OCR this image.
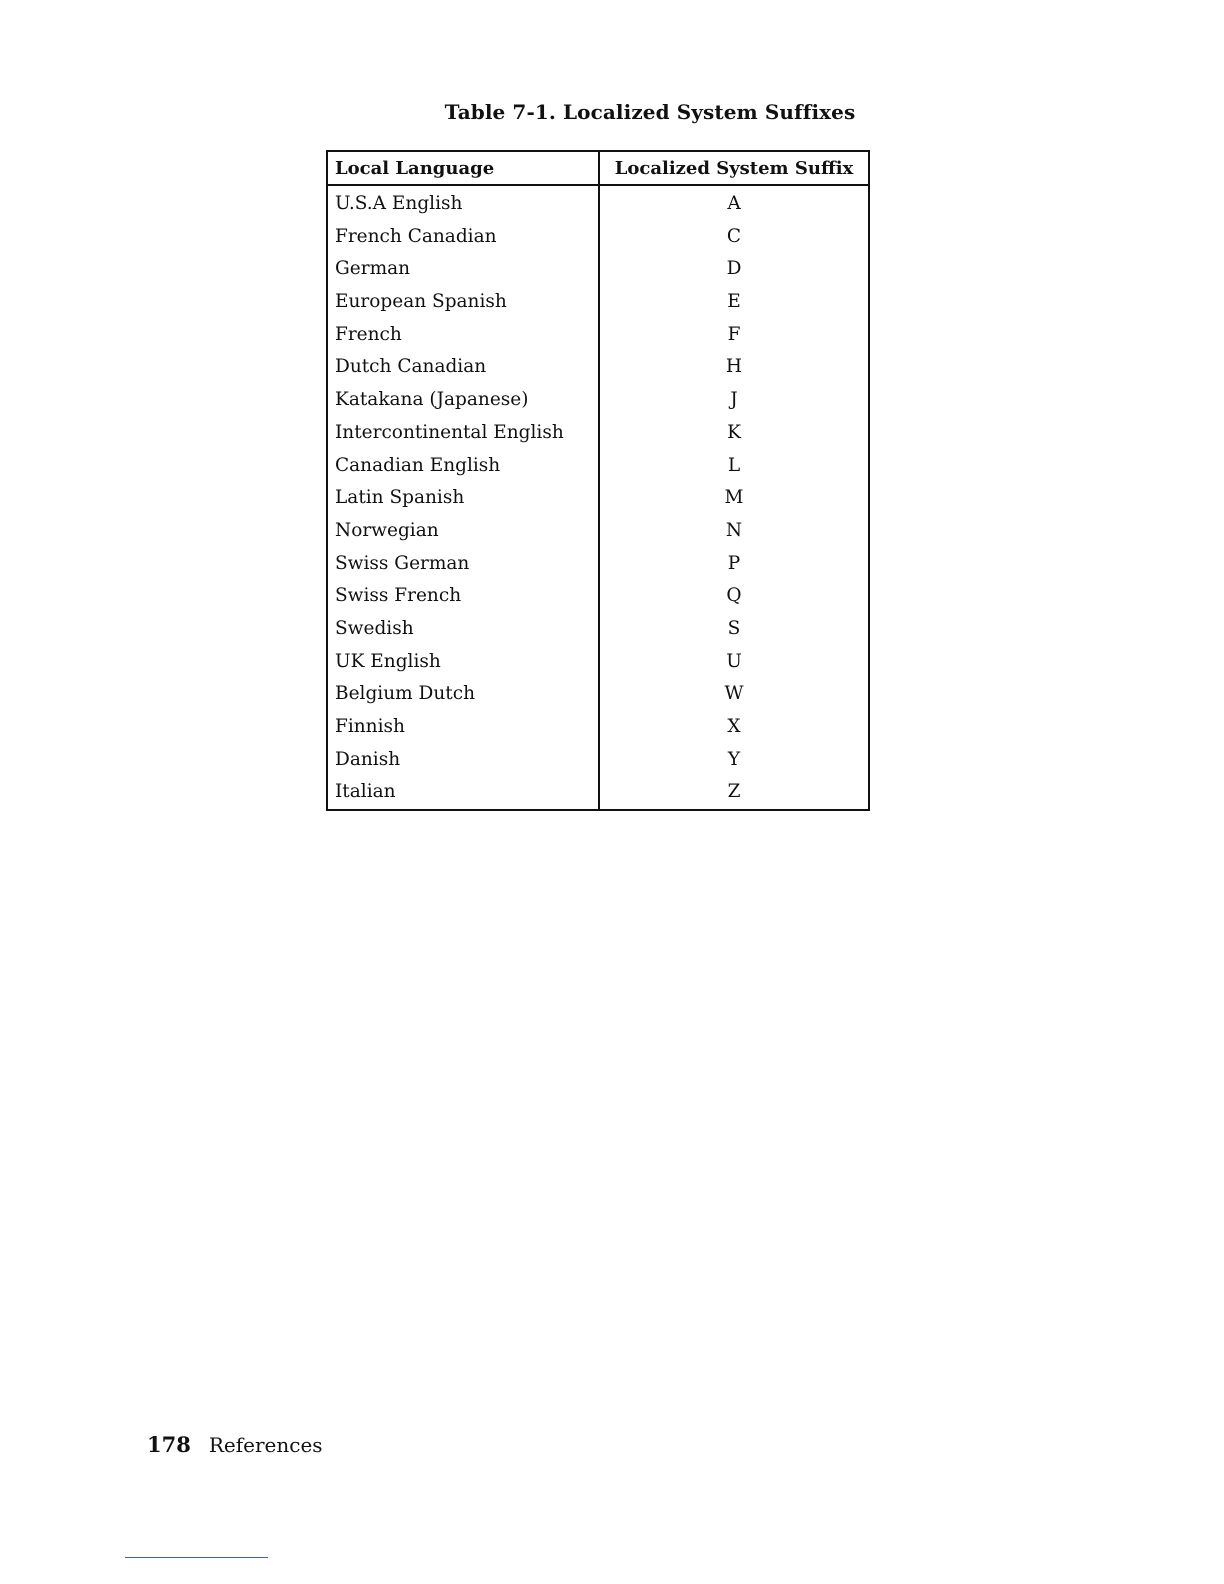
Table 7-1. Localized System Suffixes
Local Language	Localized System Suffix
U.S.A English	A
French Canadian	C
German	D
European Spanish	E
French	F
Dutch Canadian	H
Katakana (Japanese)	J
Intercontinental English	K
Canadian English	L
Latin Spanish	M
Norwegian	N
Swiss German	P
Swiss French	Q
Swedish	S
UK English	U
Belgium Dutch	W
Finnish	X
Danish	Y
Italian	Z
178 References
